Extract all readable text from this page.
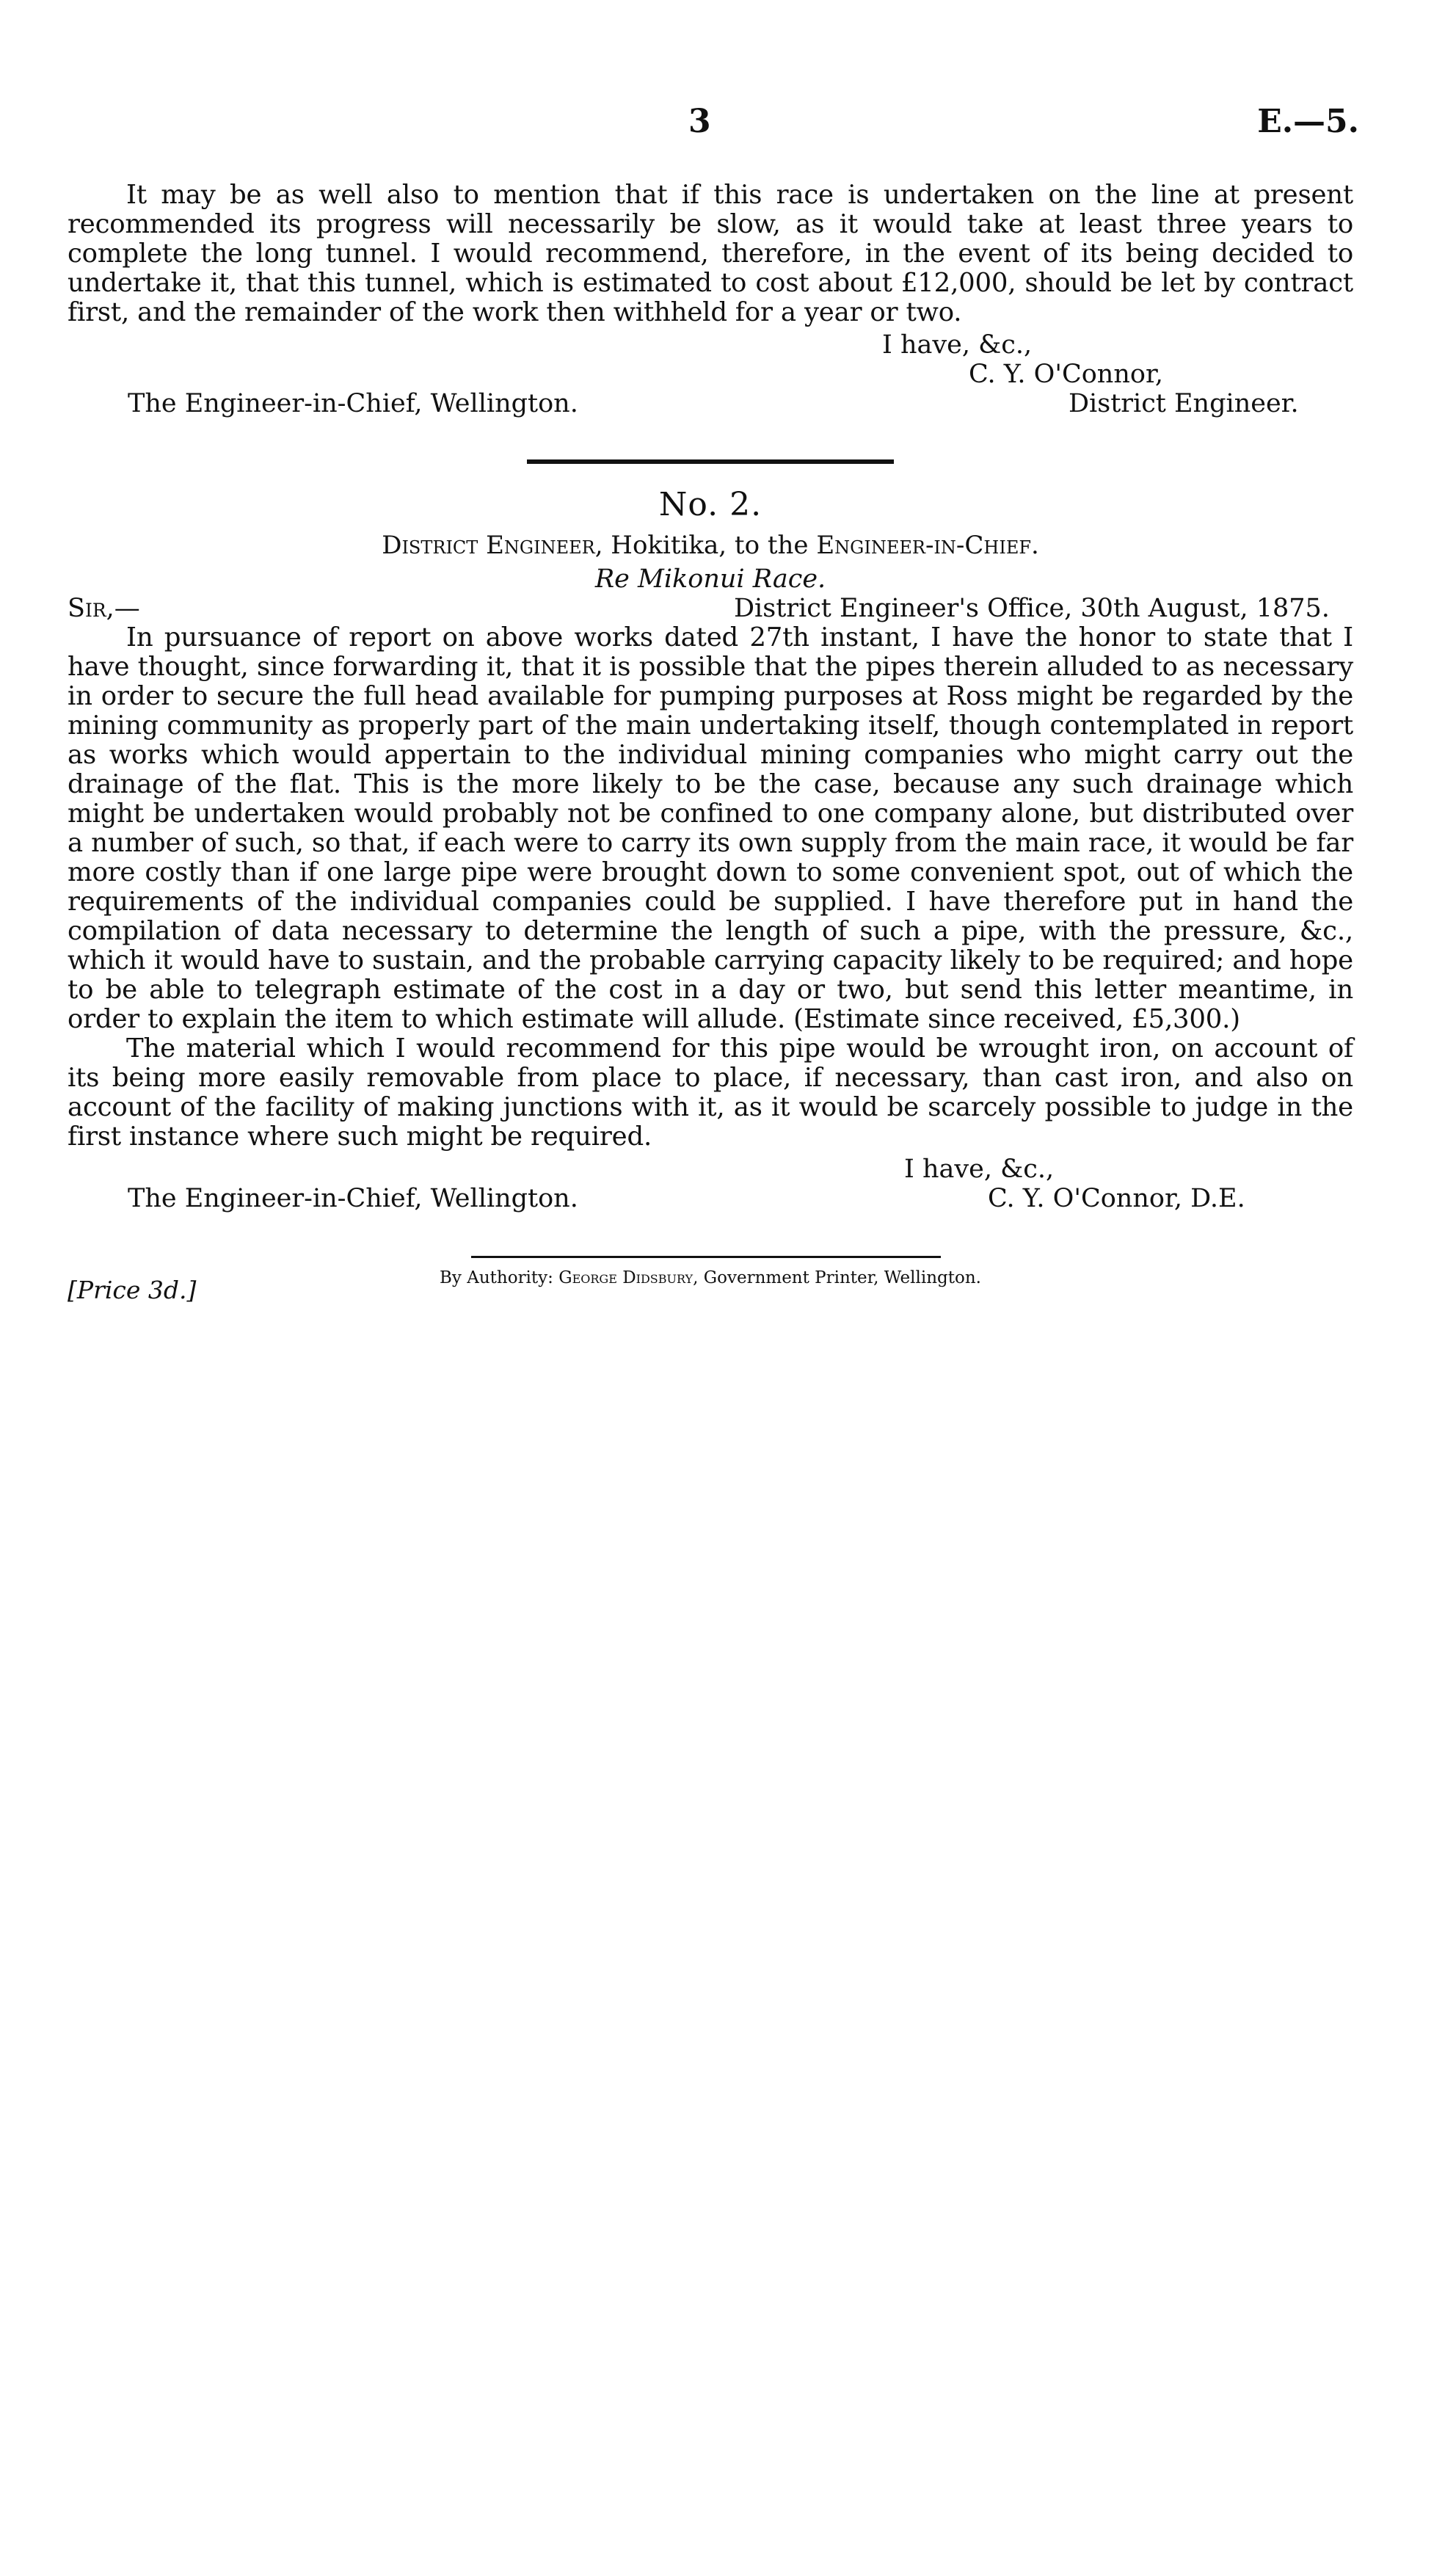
3	E.—5.

It may be as well also to mention that if this race is undertaken on the line at present recommended its progress will necessarily be slow, as it would take at least three years to complete the long tunnel. I would recommend, therefore, in the event of its being decided to undertake it, that this tunnel, which is estimated to cost about £12,000, should be let by contract first, and the remainder of the work then withheld for a year or two.

I have, &c.,
C. Y. O'Connor,
The Engineer-in-Chief, Wellington.	District Engineer.
No. 2.
District Engineer, Hokitika, to the Engineer-in-Chief.
Re Mikonui Race.
Sir,—	District Engineer's Office, 30th August, 1875.

In pursuance of report on above works dated 27th instant, I have the honor to state that I have thought, since forwarding it, that it is possible that the pipes therein alluded to as necessary in order to secure the full head available for pumping purposes at Ross might be regarded by the mining community as properly part of the main undertaking itself, though contemplated in report as works which would appertain to the individual mining companies who might carry out the drainage of the flat. This is the more likely to be the case, because any such drainage which might be undertaken would probably not be confined to one company alone, but distributed over a number of such, so that, if each were to carry its own supply from the main race, it would be far more costly than if one large pipe were brought down to some convenient spot, out of which the requirements of the individual companies could be supplied. I have therefore put in hand the compilation of data necessary to determine the length of such a pipe, with the pressure, &c., which it would have to sustain, and the probable carrying capacity likely to be required; and hope to be able to telegraph estimate of the cost in a day or two, but send this letter meantime, in order to explain the item to which estimate will allude. (Estimate since received, £5,300.)

The material which I would recommend for this pipe would be wrought iron, on account of its being more easily removable from place to place, if necessary, than cast iron, and also on account of the facility of making junctions with it, as it would be scarcely possible to judge in the first instance where such might be required.

I have, &c.,
The Engineer-in-Chief, Wellington.	C. Y. O'Connor, D.E.
By Authority: George Didsbury, Government Printer, Wellington.
[Price 3d.]
